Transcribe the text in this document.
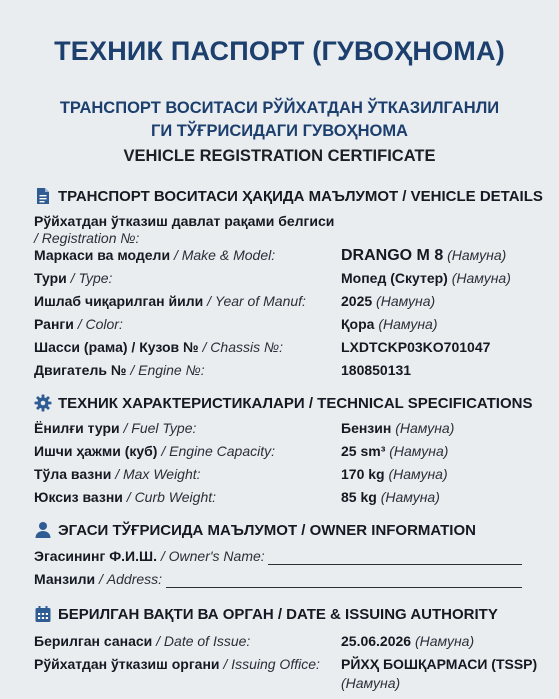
ТЕХНИК ПАСПОРТ (ГУВОҲНОМА)
ТРАНСПОРТ ВОСИТАСИ РЎЙХАТДАН ЎТКАЗИЛГАНЛИ
ГИ ТЎҒРИСИДАГИ ГУВОҲНОМА
VEHICLE REGISTRATION CERTIFICATE
ТРАНСПОРТ ВОСИТАСИ ҲАҚИДА МАЪЛУМОТ / VEHICLE DETAILS
Рўйхатдан ўтказиш давлат рақами белгиси
/ Registration №:
Маркаси ва модели / Make & Model:	DRANGO M 8 (Намуна)
Тури / Type:	Мопед (Скутер) (Намуна)
Ишлаб чиқарилган йили / Year of Manuf:	2025 (Намуна)
Ранги / Color:	Қора (Намуна)
Шасси (рама) / Кузов № / Chassis №:	LXDTCKP03KO701047
Двигатель № / Engine №:	180850131
ТЕХНИК ХАРАКТЕРИСТИКАЛАРИ / TECHNICAL SPECIFICATIONS
Ёнилғи тури / Fuel Type:	Бензин (Намуна)
Ишчи ҳажми (куб) / Engine Capacity:	25 sm³ (Намуна)
Тўла вазни / Max Weight:	170 kg (Намуна)
Юксиз вазни / Curb Weight:	85 kg (Намуна)
ЭГАСИ ТЎҒРИСИДА МАЪЛУМОТ / OWNER INFORMATION
Эгасининг Ф.И.Ш. / Owner's Name:
Манзили / Address:
БЕРИЛГАН ВАҚТИ ВА ОРГАН / DATE & ISSUING AUTHORITY
Берилган санаси / Date of Issue:	25.06.2026 (Намуна)
Рўйхатдан ўтказиш органи / Issuing Office: РЙХҲ БОШҚАРМАСИ (TSSP)
(Намуна)
